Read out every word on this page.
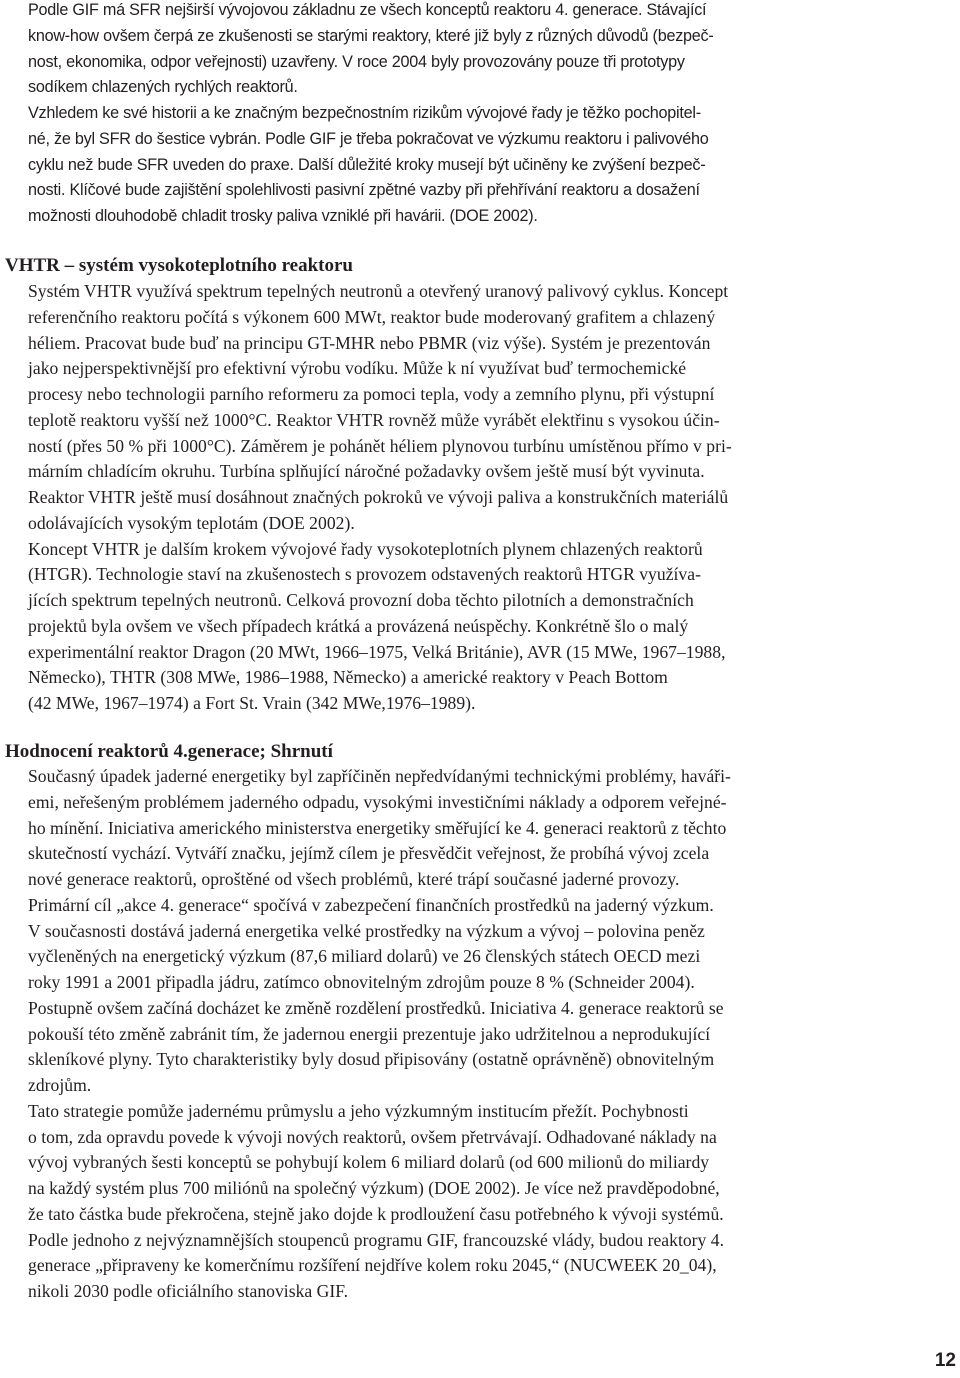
Podle GIF má SFR nejširší vývojovou základnu ze všech konceptů reaktoru 4. generace. Stávající
know-how ovšem čerpá ze zkušenosti se starými reaktory, které již byly z různých důvodů (bezpeč-
nost, ekonomika, odpor veřejnosti) uzavřeny. V roce 2004 byly provozovány pouze tři prototypy
sodíkem chlazených rychlých reaktorů.
Vzhledem ke své historii a ke značným bezpečnostním rizikům vývojové řady je těžko pochopitel-
né, že byl SFR do šestice vybrán. Podle GIF je třeba pokračovat ve výzkumu reaktoru i palivového
cyklu než bude SFR uveden do praxe. Další důležité kroky musejí být učiněny ke zvýšení bezpeč-
nosti. Klíčové bude zajištění spolehlivosti pasivní zpětné vazby při přehřívání reaktoru a dosažení
možnosti dlouhodobě chladit trosky paliva vzniklé při havárii. (DOE 2002).
VHTR – systém vysokoteplotního reaktoru
Systém VHTR využívá spektrum tepelných neutronů a otevřený uranový palivový cyklus. Koncept
referenčního reaktoru počítá s výkonem 600 MWt, reaktor bude moderovaný grafitem a chlazený
héliem. Pracovat bude buď na principu GT-MHR nebo PBMR (viz výše). Systém je prezentován
jako nejperspektivnější pro efektivní výrobu vodíku. Může k ní využívat buď termochemické
procesy nebo technologii parního reformeru za pomoci tepla, vody a zemního plynu, při výstupní
teplotě reaktoru vyšší než 1000°C. Reaktor VHTR rovněž může vyrábět elektřinu s vysokou účin-
ností (přes 50 % při 1000°C). Záměrem je pohánět héliem plynovou turbínu umístěnou přímo v pri-
márním chladícím okruhu. Turbína splňující náročné požadavky ovšem ještě musí být vyvinuta.
Reaktor VHTR ještě musí dosáhnout značných pokroků ve vývoji paliva a konstrukčních materiálů
odolávajících vysokým teplotám (DOE 2002).
Koncept VHTR je dalším krokem vývojové řady vysokoteplotních plynem chlazených reaktorů
(HTGR). Technologie staví na zkušenostech s provozem odstavených reaktorů HTGR využíva-
jících spektrum tepelných neutronů. Celková provozní doba těchto pilotních a demonstračních
projektů byla ovšem ve všech případech krátká a provázená neúspěchy. Konkrétně šlo o malý
experimentální reaktor Dragon (20 MWt, 1966–1975, Velká Británie), AVR (15 MWe, 1967–1988,
Německo), THTR (308 MWe, 1986–1988, Německo) a americké reaktory v Peach Bottom
(42 MWe, 1967–1974) a Fort St. Vrain (342 MWe,1976–1989).
Hodnocení reaktorů 4.generace; Shrnutí
Současný úpadek jaderné energetiky byl zapříčiněn nepředvídanými technickými problémy, haváři-
emi, neřešeným problémem jaderného odpadu, vysokými investičními náklady a odporem veřejné-
ho mínění. Iniciativa amerického ministerstva energetiky směřující ke 4. generaci reaktorů z těchto
skutečností vychází. Vytváří značku, jejímž cílem je přesvědčit veřejnost, že probíhá vývoj zcela
nové generace reaktorů, oproštěné od všech problémů, které trápí současné jaderné provozy.
Primární cíl „akce 4. generace“ spočívá v zabezpečení finančních prostředků na jaderný výzkum.
V současnosti dostává jaderná energetika velké prostředky na výzkum a vývoj – polovina peněz
vyčleněných na energetický výzkum (87,6 miliard dolarů) ve 26 členských státech OECD mezi
roky 1991 a 2001 připadla jádru, zatímco obnovitelným zdrojům pouze 8 % (Schneider 2004).
Postupně ovšem začíná docházet ke změně rozdělení prostředků. Iniciativa 4. generace reaktorů se
pokouší této změně zabránit tím, že jadernou energii prezentuje jako udržitelnou a neprodukující
skleníkové plyny. Tyto charakteristiky byly dosud připisovány (ostatně oprávněně) obnovitelným
zdrojům.
Tato strategie pomůže jadernému průmyslu a jeho výzkumným institucím přežít. Pochybnosti
o tom, zda opravdu povede k vývoji nových reaktorů, ovšem přetrvávají. Odhadované náklady na
vývoj vybraných šesti konceptů se pohybují kolem 6 miliard dolarů (od 600 milionů do miliardy
na každý systém plus 700 miliónů na společný výzkum) (DOE 2002). Je více než pravděpodobné,
že tato částka bude překročena, stejně jako dojde k prodloužení času potřebného k vývoji systémů.
Podle jednoho z nejvýznamnějších stoupenců programu GIF, francouzské vlády, budou reaktory 4.
generace „připraveny ke komerčnímu rozšíření nejdříve kolem roku 2045,“ (NUCWEEK 20_04),
nikoli 2030 podle oficiálního stanoviska GIF.
12
